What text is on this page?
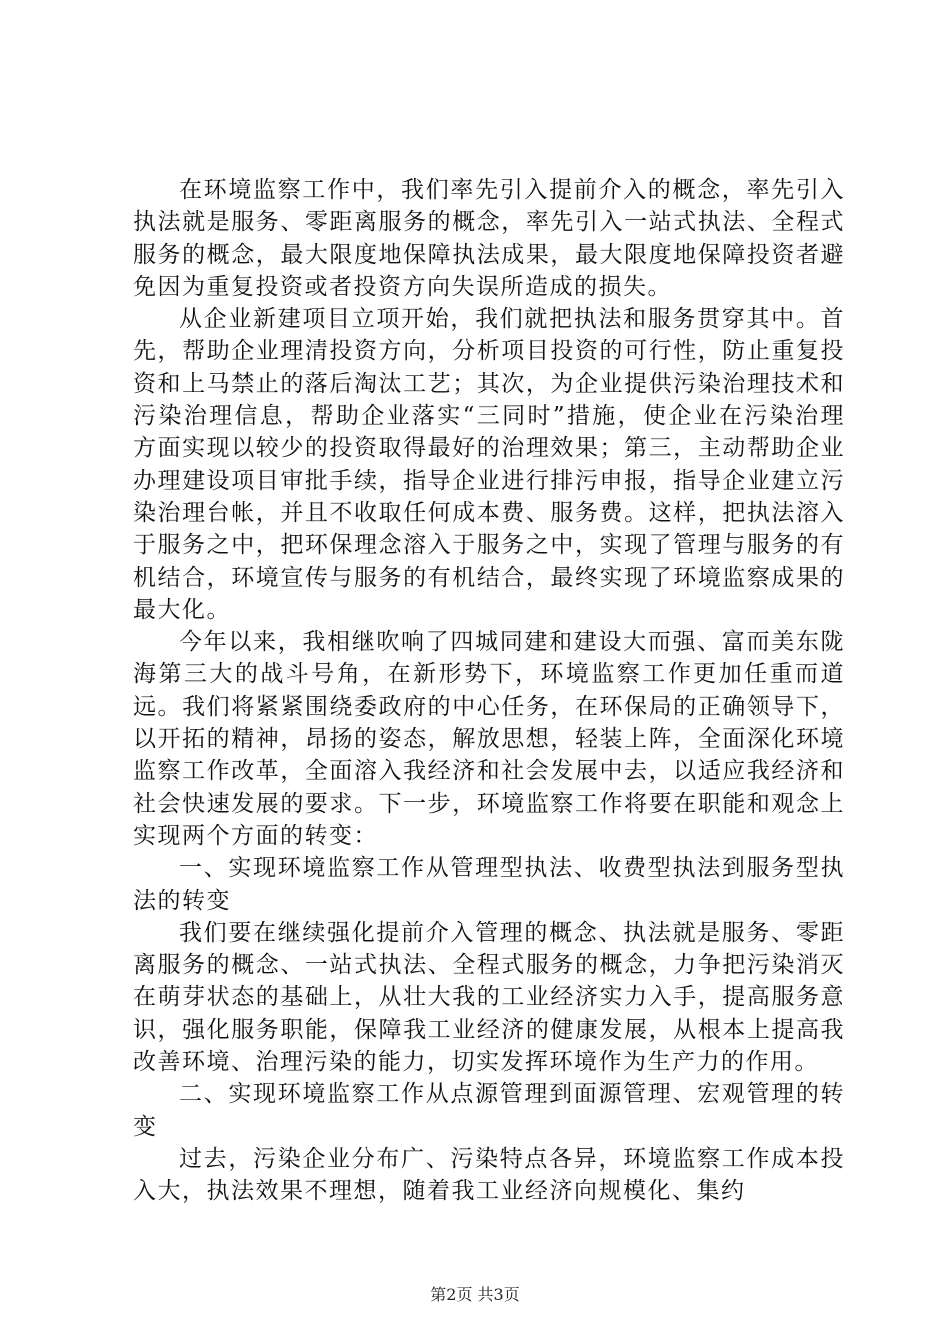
在环境监察工作中，我们率先引入提前介入的概念，率先引入执法就是服务、零距离服务的概念，率先引入一站式执法、全程式服务的概念，最大限度地保障执法成果，最大限度地保障投资者避免因为重复投资或者投资方向失误所造成的损失。

从企业新建项目立项开始，我们就把执法和服务贯穿其中。首先，帮助企业理清投资方向，分析项目投资的可行性，防止重复投资和上马禁止的落后淘汰工艺；其次，为企业提供污染治理技术和污染治理信息，帮助企业落实“三同时”措施，使企业在污染治理方面实现以较少的投资取得最好的治理效果；第三，主动帮助企业办理建设项目审批手续，指导企业进行排污申报，指导企业建立污染治理台帐，并且不收取任何成本费、服务费。这样，把执法溶入于服务之中，把环保理念溶入于服务之中，实现了管理与服务的有机结合，环境宣传与服务的有机结合，最终实现了环境监察成果的最大化。

今年以来，我相继吹响了四城同建和建设大而强、富而美东陇海第三大的战斗号角，在新形势下，环境监察工作更加任重而道远。我们将紧紧围绕委政府的中心任务，在环保局的正确领导下，以开拓的精神，昂扬的姿态，解放思想，轻装上阵，全面深化环境监察工作改革，全面溶入我经济和社会发展中去，以适应我经济和社会快速发展的要求。下一步，环境监察工作将要在职能和观念上实现两个方面的转变：

一、实现环境监察工作从管理型执法、收费型执法到服务型执法的转变

我们要在继续强化提前介入管理的概念、执法就是服务、零距离服务的概念、一站式执法、全程式服务的概念，力争把污染消灭在萌芽状态的基础上，从壮大我的工业经济实力入手，提高服务意识，强化服务职能，保障我工业经济的健康发展，从根本上提高我改善环境、治理污染的能力，切实发挥环境作为生产力的作用。

二、实现环境监察工作从点源管理到面源管理、宏观管理的转变

过去，污染企业分布广、污染特点各异，环境监察工作成本投入大，执法效果不理想，随着我工业经济向规模化、集约

第2页 共3页
